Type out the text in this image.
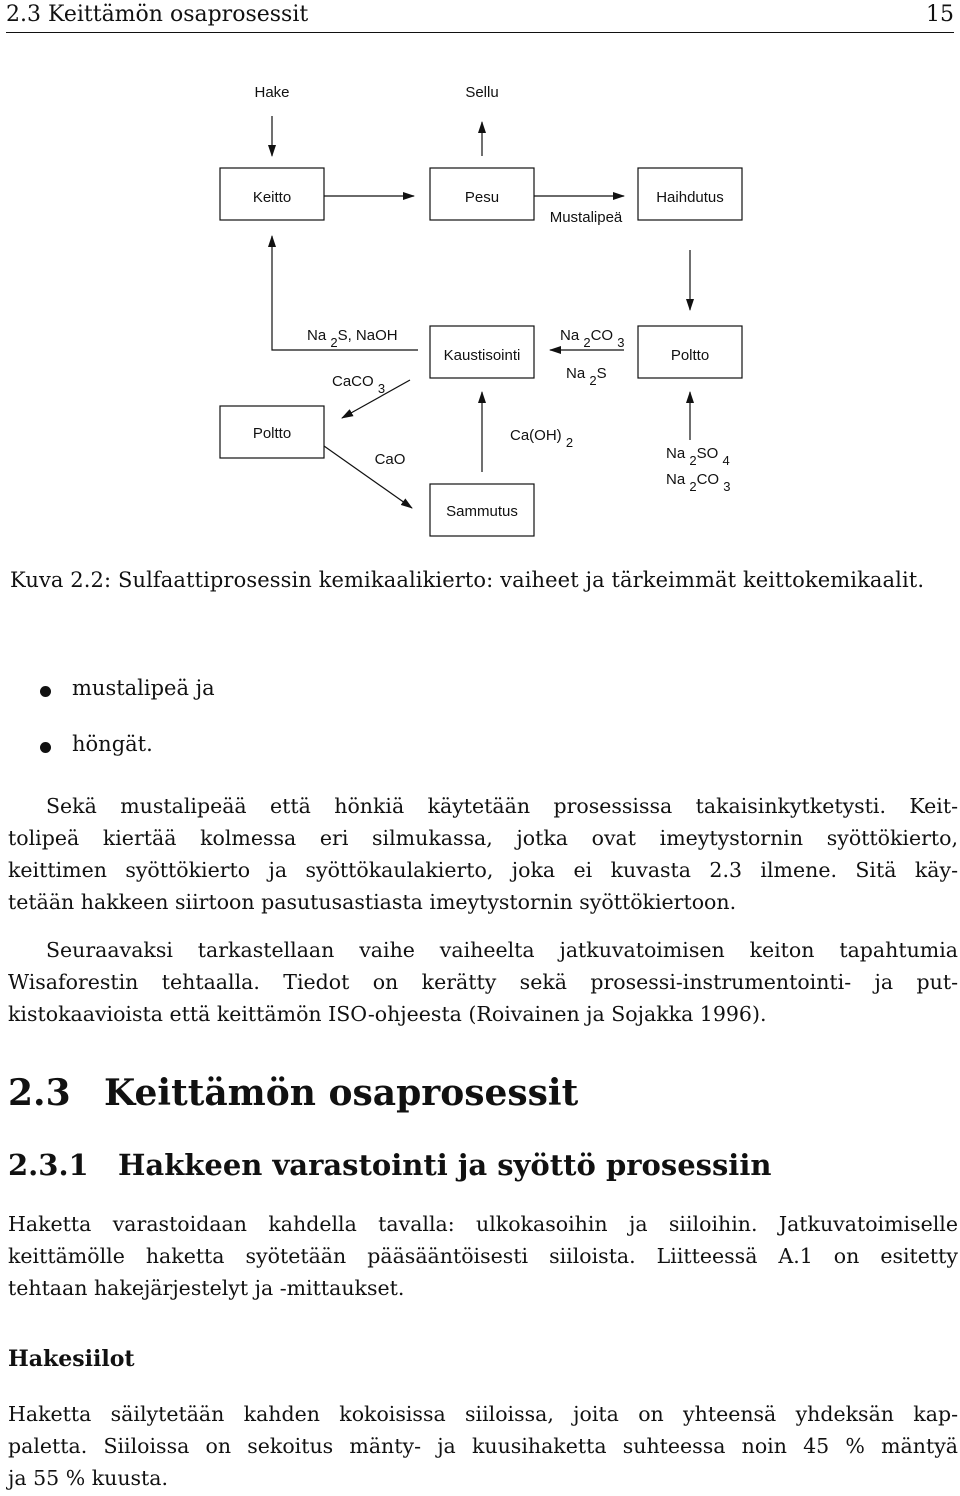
2.3 Keittämön osaprosessit	15
Hake	Sellu
Keitto	Pesu	Haihdutus
Mustalipeä
Kaustisointi	Poltto
Poltto
Sammutus
Na 2S, NaOH
CaCO 3
Na 2CO 3
Na 2S
CaO
Ca(OH) 2
Na 2SO 4
Na 2CO 3
Kuva 2.2: Sulfaattiprosessin kemikaalikierto: vaiheet ja tärkeimmät keittokemikaalit.
mustalipeä ja
höngät.

Sekä mustalipeää että hönkiä käytetään prosessissa takaisinkytketysti. Keit-
tolipeä kiertää kolmessa eri silmukassa, jotka ovat imeytystornin syöttökierto,
keittimen syöttökierto ja syöttökaulakierto, joka ei kuvasta 2.3 ilmene. Sitä käy-
tetään hakkeen siirtoon pasutusastiasta imeytystornin syöttökiertoon.

Seuraavaksi tarkastellaan vaihe vaiheelta jatkuvatoimisen keiton tapahtumia
Wisaforestin tehtaalla. Tiedot on kerätty sekä prosessi-instrumentointi- ja put-
kistokaavioista että keittämön ISO-ohjeesta (Roivainen ja Sojakka 1996).

2.3 Keittämön osaprosessit
2.3.1 Hakkeen varastointi ja syöttö prosessiin

Haketta varastoidaan kahdella tavalla: ulkokasoihin ja siiloihin. Jatkuvatoimiselle
keittämölle haketta syötetään pääsääntöisesti siiloista. Liitteessä A.1 on esitetty
tehtaan hakejärjestelyt ja -mittaukset.

Hakesiilot

Haketta säilytetään kahden kokoisissa siiloissa, joita on yhteensä yhdeksän kap-
paletta. Siiloissa on sekoitus mänty- ja kuusihaketta suhteessa noin 45 % mäntyä
ja 55 % kuusta.
